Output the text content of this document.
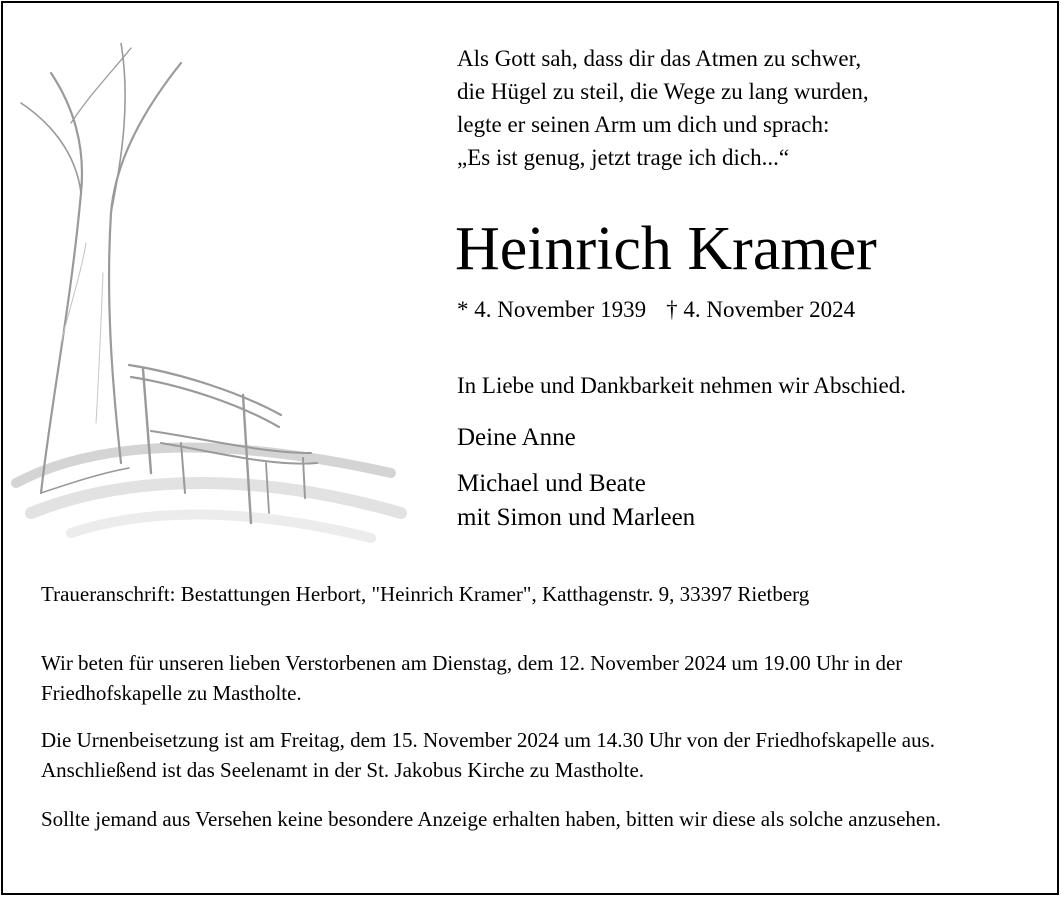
Als Gott sah, dass dir das Atmen zu schwer,
die Hügel zu steil, die Wege zu lang wurden,
legte er seinen Arm um dich und sprach:
„Es ist genug, jetzt trage ich dich...“
Heinrich Kramer
* 4. November 1939 † 4. November 2024
In Liebe und Dankbarkeit nehmen wir Abschied.
Deine Anne
Michael und Beate
mit Simon und Marleen
Traueranschrift: Bestattungen Herbort, "Heinrich Kramer", Katthagenstr. 9, 33397 Rietberg
Wir beten für unseren lieben Verstorbenen am Dienstag, dem 12. November 2024 um 19.00 Uhr in der Friedhofskapelle zu Mastholte.
Die Urnenbeisetzung ist am Freitag, dem 15. November 2024 um 14.30 Uhr von der Friedhofskapelle aus. Anschließend ist das Seelenamt in der St. Jakobus Kirche zu Mastholte.
Sollte jemand aus Versehen keine besondere Anzeige erhalten haben, bitten wir diese als solche anzusehen.
